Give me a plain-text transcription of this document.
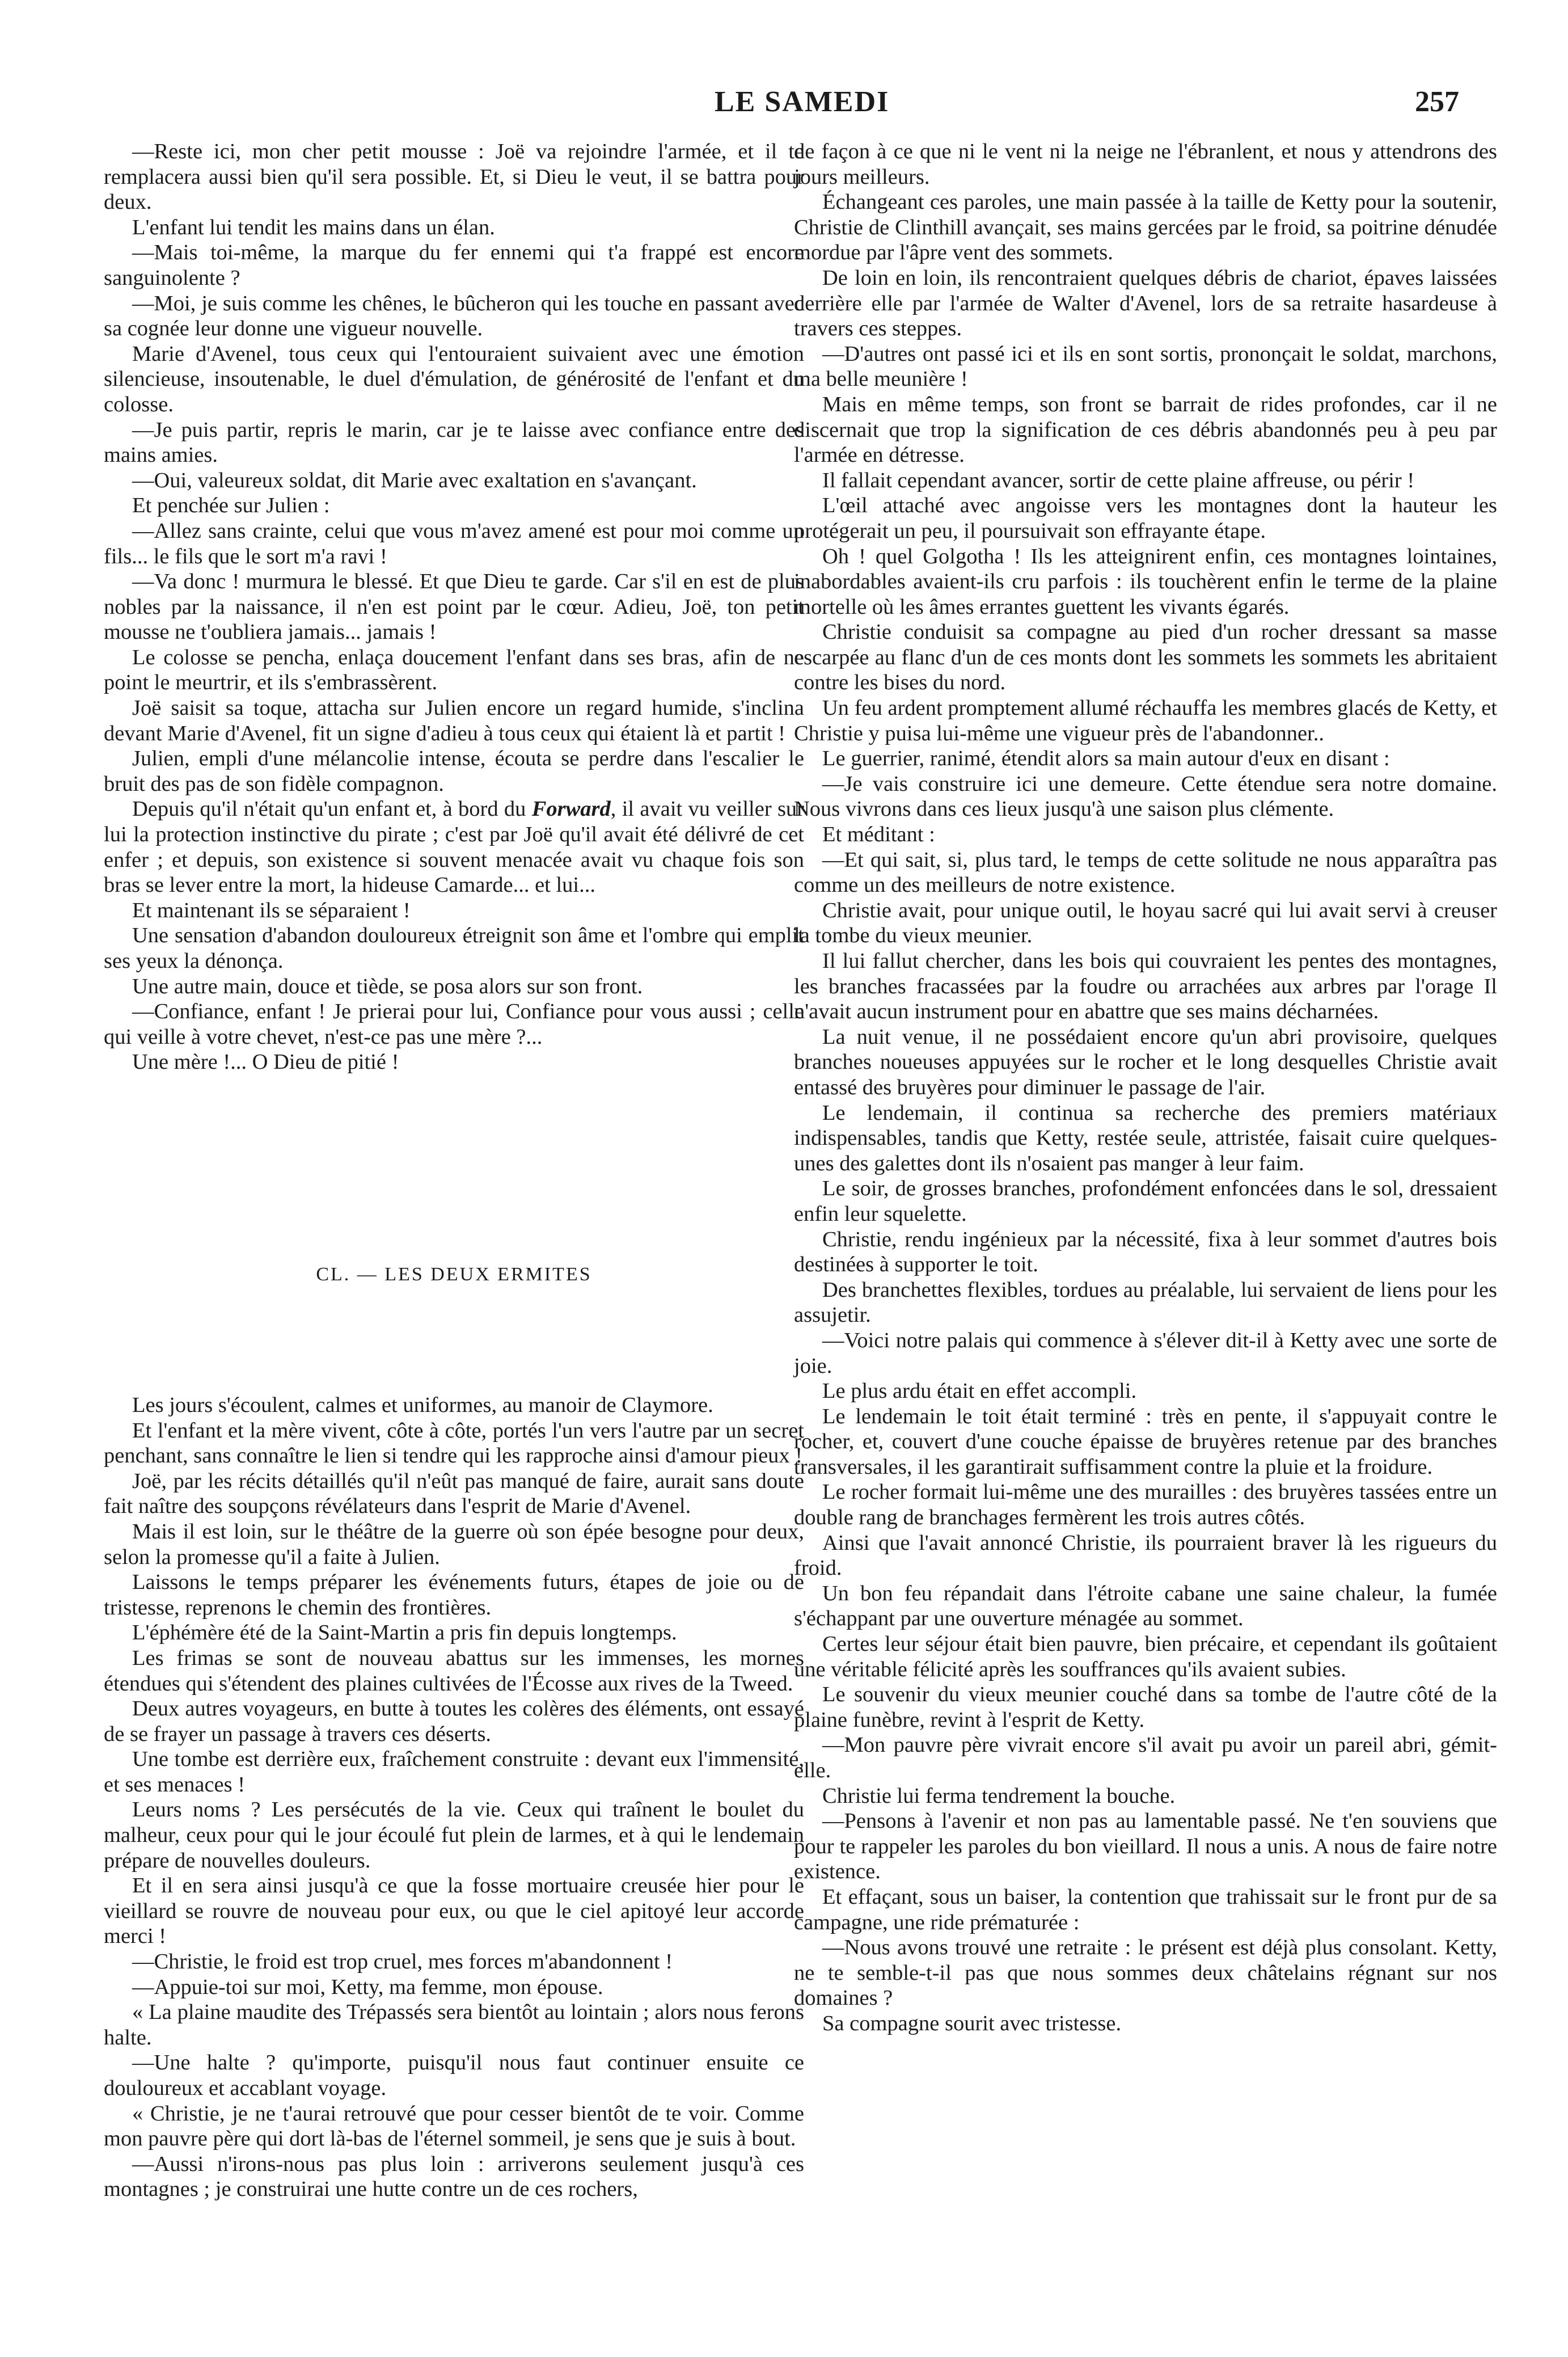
LE SAMEDI	257

—Reste ici, mon cher petit mousse : Joë va rejoindre l'armée, et il te remplacera aussi bien qu'il sera possible. Et, si Dieu le veut, il se battra pour deux.

L'enfant lui tendit les mains dans un élan.

—Mais toi-même, la marque du fer ennemi qui t'a frappé est encore sanguinolente ?

—Moi, je suis comme les chênes, le bûcheron qui les touche en passant avec sa cognée leur donne une vigueur nouvelle.

Marie d'Avenel, tous ceux qui l'entouraient suivaient avec une émotion silencieuse, insoutenable, le duel d'émulation, de générosité de l'enfant et du colosse.

—Je puis partir, repris le marin, car je te laisse avec confiance entre des mains amies.

—Oui, valeureux soldat, dit Marie avec exaltation en s'avançant.

Et penchée sur Julien :

—Allez sans crainte, celui que vous m'avez amené est pour moi comme un fils... le fils que le sort m'a ravi !

—Va donc ! murmura le blessé. Et que Dieu te garde. Car s'il en est de plus nobles par la naissance, il n'en est point par le cœur. Adieu, Joë, ton petit mousse ne t'oubliera jamais... jamais !

Le colosse se pencha, enlaça doucement l'enfant dans ses bras, afin de ne point le meurtrir, et ils s'embrassèrent.

Joë saisit sa toque, attacha sur Julien encore un regard humide, s'inclina devant Marie d'Avenel, fit un signe d'adieu à tous ceux qui étaient là et partit !

Julien, empli d'une mélancolie intense, écouta se perdre dans l'escalier le bruit des pas de son fidèle compagnon.

Depuis qu'il n'était qu'un enfant et, à bord du Forward, il avait vu veiller sur lui la protection instinctive du pirate ; c'est par Joë qu'il avait été délivré de cet enfer ; et depuis, son existence si souvent menacée avait vu chaque fois son bras se lever entre la mort, la hideuse Camarde... et lui...

Et maintenant ils se séparaient !

Une sensation d'abandon douloureux étreignit son âme et l'ombre qui emplit ses yeux la dénonça.

Une autre main, douce et tiède, se posa alors sur son front.

—Confiance, enfant ! Je prierai pour lui, Confiance pour vous aussi ; celle qui veille à votre chevet, n'est-ce pas une mère ?...

Une mère !... O Dieu de pitié !

CL. — LES DEUX ERMITES

Les jours s'écoulent, calmes et uniformes, au manoir de Claymore.

Et l'enfant et la mère vivent, côte à côte, portés l'un vers l'autre par un secret penchant, sans connaître le lien si tendre qui les rapproche ainsi d'amour pieux !

Joë, par les récits détaillés qu'il n'eût pas manqué de faire, aurait sans doute fait naître des soupçons révélateurs dans l'esprit de Marie d'Avenel.

Mais il est loin, sur le théâtre de la guerre où son épée besogne pour deux, selon la promesse qu'il a faite à Julien.

Laissons le temps préparer les événements futurs, étapes de joie ou de tristesse, reprenons le chemin des frontières.

L'éphémère été de la Saint-Martin a pris fin depuis longtemps.

Les frimas se sont de nouveau abattus sur les immenses, les mornes étendues qui s'étendent des plaines cultivées de l'Écosse aux rives de la Tweed.

Deux autres voyageurs, en butte à toutes les colères des éléments, ont essayé de se frayer un passage à travers ces déserts.

Une tombe est derrière eux, fraîchement construite : devant eux l'immensité, et ses menaces !

Leurs noms ? Les persécutés de la vie. Ceux qui traînent le boulet du malheur, ceux pour qui le jour écoulé fut plein de larmes, et à qui le lendemain prépare de nouvelles douleurs.

Et il en sera ainsi jusqu'à ce que la fosse mortuaire creusée hier pour le vieillard se rouvre de nouveau pour eux, ou que le ciel apitoyé leur accorde merci !

—Christie, le froid est trop cruel, mes forces m'abandonnent !

—Appuie-toi sur moi, Ketty, ma femme, mon épouse.

« La plaine maudite des Trépassés sera bientôt au lointain ; alors nous ferons halte.

—Une halte ? qu'importe, puisqu'il nous faut continuer ensuite ce douloureux et accablant voyage.

« Christie, je ne t'aurai retrouvé que pour cesser bientôt de te voir. Comme mon pauvre père qui dort là-bas de l'éternel sommeil, je sens que je suis à bout.

—Aussi n'irons-nous pas plus loin : arriverons seulement jusqu'à ces montagnes ; je construirai une hutte contre un de ces rochers,

de façon à ce que ni le vent ni la neige ne l'ébranlent, et nous y attendrons des jours meilleurs.

Échangeant ces paroles, une main passée à la taille de Ketty pour la soutenir, Christie de Clinthill avançait, ses mains gercées par le froid, sa poitrine dénudée mordue par l'âpre vent des sommets.

De loin en loin, ils rencontraient quelques débris de chariot, épaves laissées derrière elle par l'armée de Walter d'Avenel, lors de sa retraite hasardeuse à travers ces steppes.

—D'autres ont passé ici et ils en sont sortis, prononçait le soldat, marchons, ma belle meunière !

Mais en même temps, son front se barrait de rides profondes, car il ne discernait que trop la signification de ces débris abandonnés peu à peu par l'armée en détresse.

Il fallait cependant avancer, sortir de cette plaine affreuse, ou périr !

L'œil attaché avec angoisse vers les montagnes dont la hauteur les protégerait un peu, il poursuivait son effrayante étape.

Oh ! quel Golgotha ! Ils les atteignirent enfin, ces montagnes lointaines, inabordables avaient-ils cru parfois : ils touchèrent enfin le terme de la plaine mortelle où les âmes errantes guettent les vivants égarés.

Christie conduisit sa compagne au pied d'un rocher dressant sa masse escarpée au flanc d'un de ces monts dont les sommets les sommets les abritaient contre les bises du nord.

Un feu ardent promptement allumé réchauffa les membres glacés de Ketty, et Christie y puisa lui-même une vigueur près de l'abandonner..

Le guerrier, ranimé, étendit alors sa main autour d'eux en disant :

—Je vais construire ici une demeure. Cette étendue sera notre domaine. Nous vivrons dans ces lieux jusqu'à une saison plus clémente.

Et méditant :

—Et qui sait, si, plus tard, le temps de cette solitude ne nous apparaîtra pas comme un des meilleurs de notre existence.

Christie avait, pour unique outil, le hoyau sacré qui lui avait servi à creuser la tombe du vieux meunier.

Il lui fallut chercher, dans les bois qui couvraient les pentes des montagnes, les branches fracassées par la foudre ou arrachées aux arbres par l'orage Il n'avait aucun instrument pour en abattre que ses mains décharnées.

La nuit venue, il ne possédaient encore qu'un abri provisoire, quelques branches noueuses appuyées sur le rocher et le long desquelles Christie avait entassé des bruyères pour diminuer le passage de l'air.

Le lendemain, il continua sa recherche des premiers matériaux indispensables, tandis que Ketty, restée seule, attristée, faisait cuire quelques-unes des galettes dont ils n'osaient pas manger à leur faim.

Le soir, de grosses branches, profondément enfoncées dans le sol, dressaient enfin leur squelette.

Christie, rendu ingénieux par la nécessité, fixa à leur sommet d'autres bois destinées à supporter le toit.

Des branchettes flexibles, tordues au préalable, lui servaient de liens pour les assujetir.

—Voici notre palais qui commence à s'élever dit-il à Ketty avec une sorte de joie.

Le plus ardu était en effet accompli.

Le lendemain le toit était terminé : très en pente, il s'appuyait contre le rocher, et, couvert d'une couche épaisse de bruyères retenue par des branches transversales, il les garantirait suffisamment contre la pluie et la froidure.

Le rocher formait lui-même une des murailles : des bruyères tassées entre un double rang de branchages fermèrent les trois autres côtés.

Ainsi que l'avait annoncé Christie, ils pourraient braver là les rigueurs du froid.

Un bon feu répandait dans l'étroite cabane une saine chaleur, la fumée s'échappant par une ouverture ménagée au sommet.

Certes leur séjour était bien pauvre, bien précaire, et cependant ils goûtaient une véritable félicité après les souffrances qu'ils avaient subies.

Le souvenir du vieux meunier couché dans sa tombe de l'autre côté de la plaine funèbre, revint à l'esprit de Ketty.

—Mon pauvre père vivrait encore s'il avait pu avoir un pareil abri, gémit-elle.

Christie lui ferma tendrement la bouche.

—Pensons à l'avenir et non pas au lamentable passé. Ne t'en souviens que pour te rappeler les paroles du bon vieillard. Il nous a unis. A nous de faire notre existence.

Et effaçant, sous un baiser, la contention que trahissait sur le front pur de sa campagne, une ride prématurée :

—Nous avons trouvé une retraite : le présent est déjà plus consolant. Ketty, ne te semble-t-il pas que nous sommes deux châtelains régnant sur nos domaines ?

Sa compagne sourit avec tristesse.
